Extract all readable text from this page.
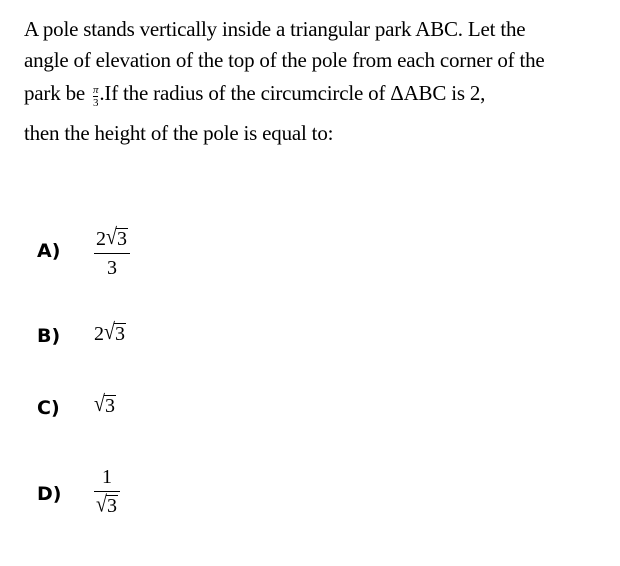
A pole stands vertically inside a triangular park ABC. Let the
angle of elevation of the top of the pole from each corner of the
park be $\frac{\pi}{3} .If$ the radius of the circumcircle of ΔABC is 2,
then the height of the pole is equal to:
$A) \frac{2√3}{3}$
B) 2√3
C) √3
$D) \frac{1}{√3}$
